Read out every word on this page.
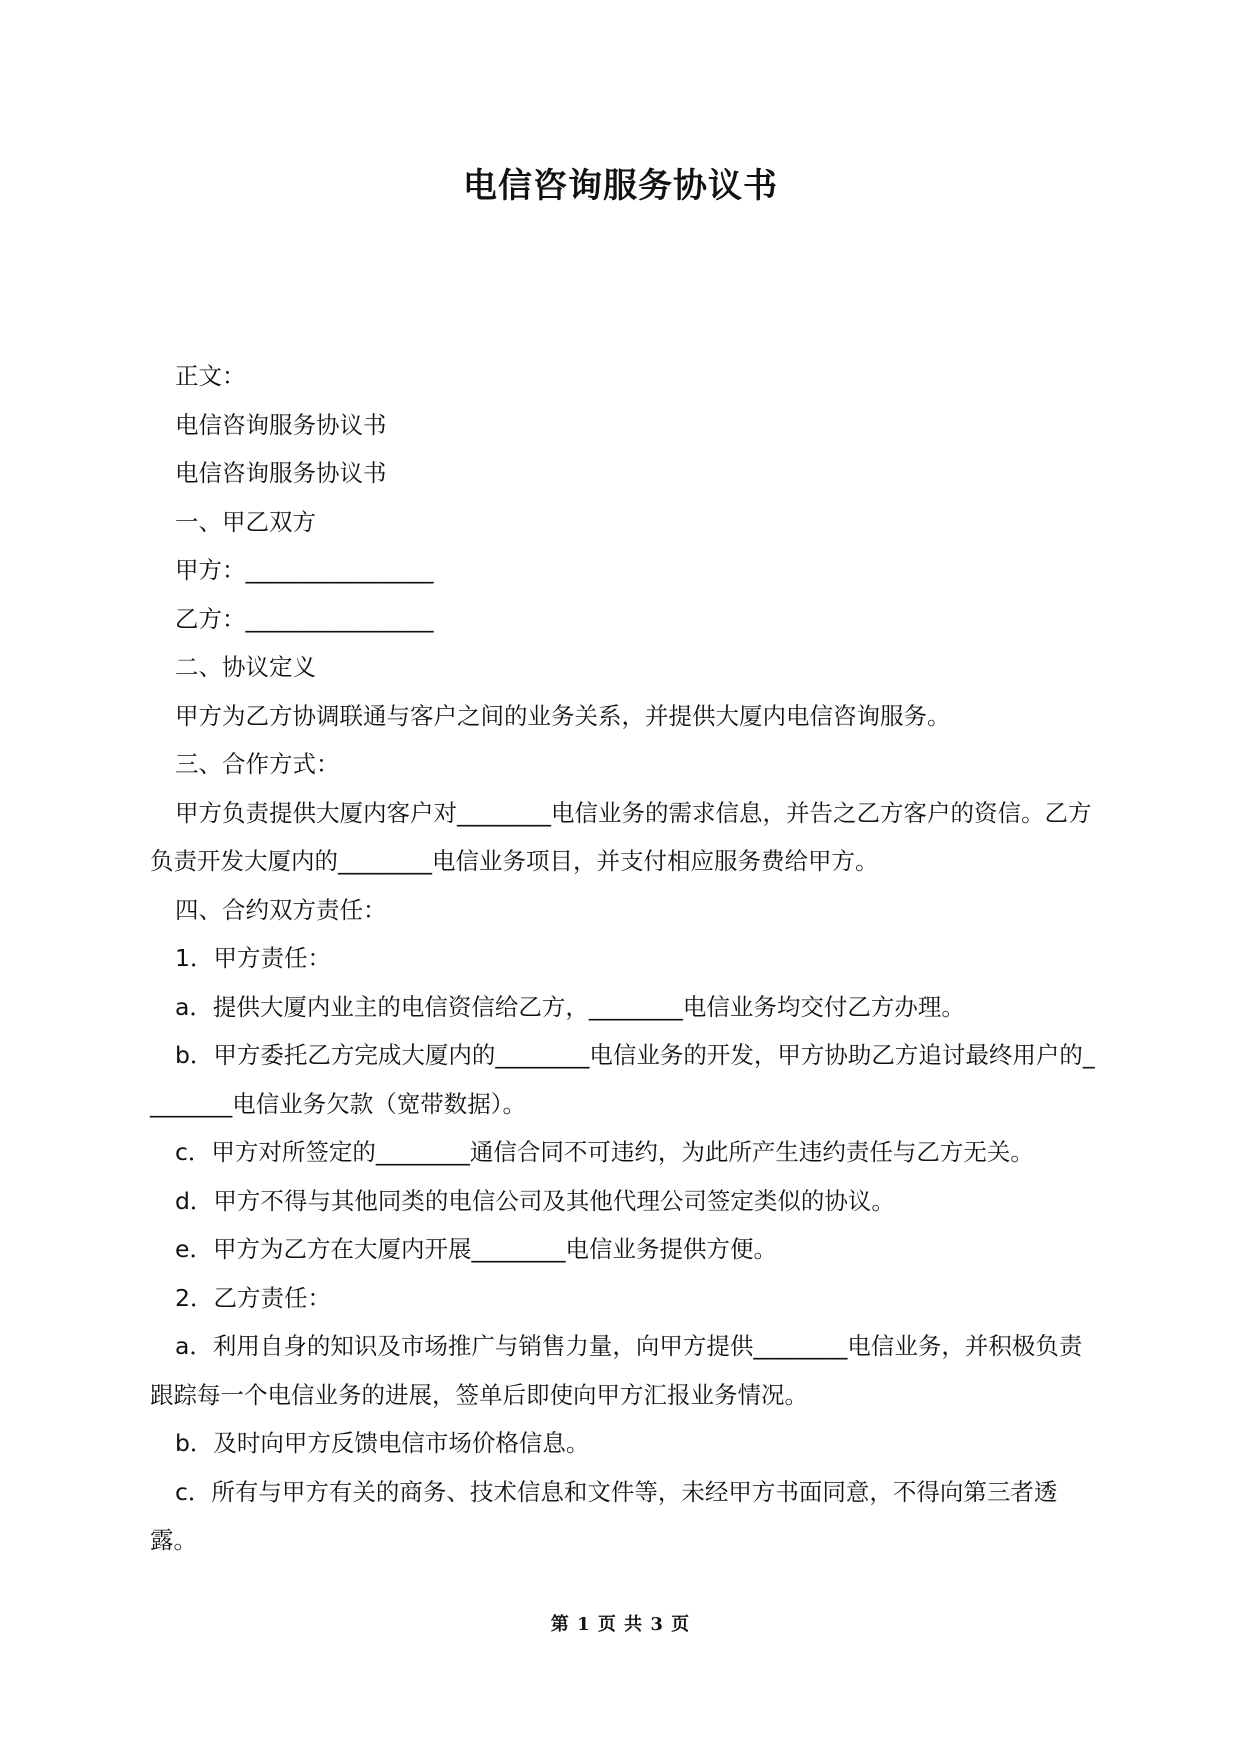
电信咨询服务协议书

正文：

电信咨询服务协议书

电信咨询服务协议书

一、甲乙双方

甲方：________________

乙方：________________

二、协议定义

甲方为乙方协调联通与客户之间的业务关系，并提供大厦内电信咨询服务。

三、合作方式：

甲方负责提供大厦内客户对________电信业务的需求信息，并告之乙方客户的资信。乙方负责开发大厦内的________电信业务项目，并支付相应服务费给甲方。

四、合约双方责任：

1．甲方责任：

a．提供大厦内业主的电信资信给乙方，________电信业务均交付乙方办理。

b．甲方委托乙方完成大厦内的________电信业务的开发，甲方协助乙方追讨最终用户的________电信业务欠款（宽带数据）。

c．甲方对所签定的________通信合同不可违约，为此所产生违约责任与乙方无关。

d．甲方不得与其他同类的电信公司及其他代理公司签定类似的协议。

e．甲方为乙方在大厦内开展________电信业务提供方便。

2．乙方责任：

a．利用自身的知识及市场推广与销售力量，向甲方提供________电信业务，并积极负责跟踪每一个电信业务的进展，签单后即使向甲方汇报业务情况。

b．及时向甲方反馈电信市场价格信息。

c．所有与甲方有关的商务、技术信息和文件等，未经甲方书面同意，不得向第三者透露。

第 1 页 共 3 页
